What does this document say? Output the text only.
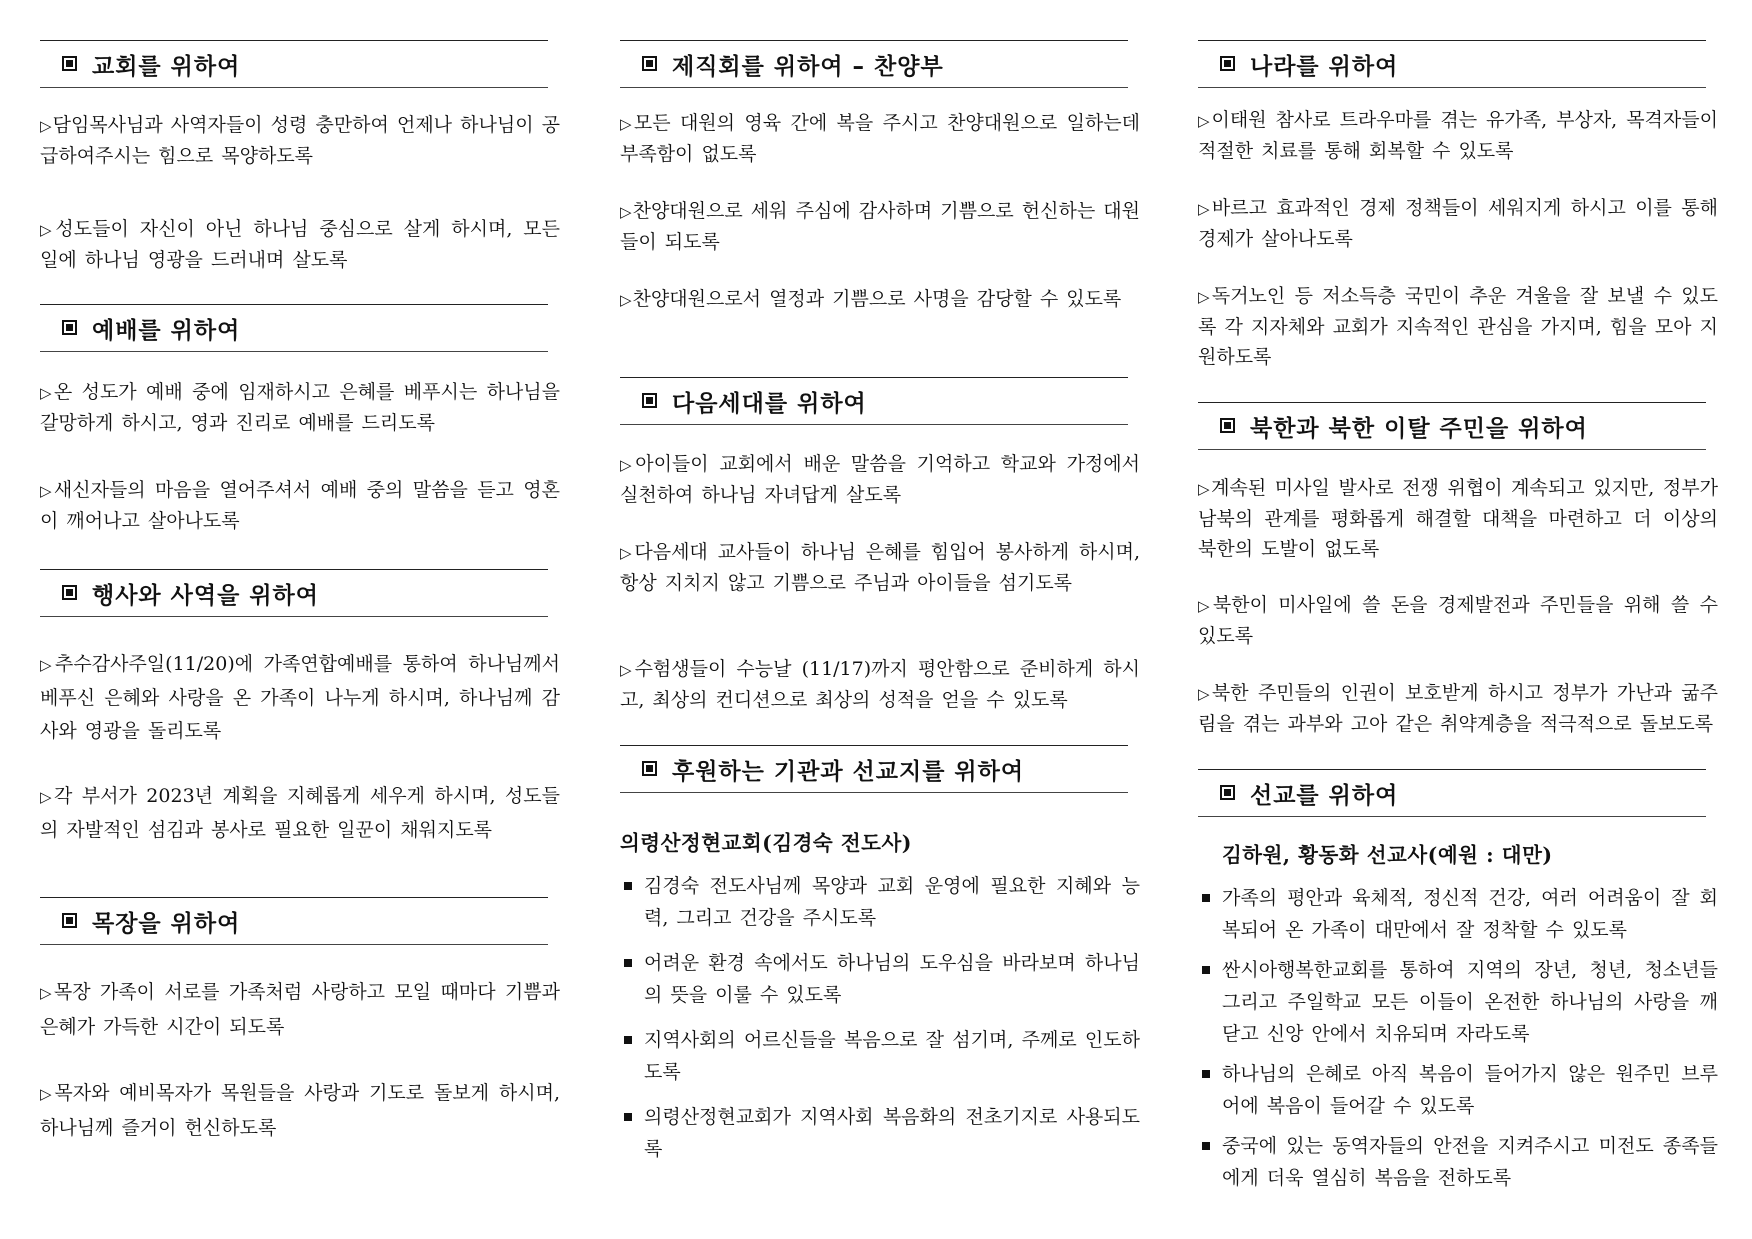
교회를 위하여
▷담임목사님과 사역자들이 성령 충만하여 언제나 하나님이 공급하여주시는 힘으로 목양하도록
▷성도들이 자신이 아닌 하나님 중심으로 살게 하시며, 모든 일에 하나님 영광을 드러내며 살도록
예배를 위하여
▷온 성도가 예배 중에 임재하시고 은혜를 베푸시는 하나님을 갈망하게 하시고, 영과 진리로 예배를 드리도록
▷새신자들의 마음을 열어주셔서 예배 중의 말씀을 듣고 영혼이 깨어나고 살아나도록
행사와 사역을 위하여
▷추수감사주일(11/20)에 가족연합예배를 통하여 하나님께서 베푸신 은혜와 사랑을 온 가족이 나누게 하시며, 하나님께 감사와 영광을 돌리도록
▷각 부서가 2023년 계획을 지혜롭게 세우게 하시며, 성도들의 자발적인 섬김과 봉사로 필요한 일꾼이 채워지도록
목장을 위하여
▷목장 가족이 서로를 가족처럼 사랑하고 모일 때마다 기쁨과 은혜가 가득한 시간이 되도록
▷목자와 예비목자가 목원들을 사랑과 기도로 돌보게 하시며, 하나님께 즐거이 헌신하도록
제직회를 위하여 – 찬양부
▷모든 대원의 영육 간에 복을 주시고 찬양대원으로 일하는데 부족함이 없도록
▷찬양대원으로 세워 주심에 감사하며 기쁨으로 헌신하는 대원들이 되도록
▷찬양대원으로서 열정과 기쁨으로 사명을 감당할 수 있도록
다음세대를 위하여
▷아이들이 교회에서 배운 말씀을 기억하고 학교와 가정에서 실천하여 하나님 자녀답게 살도록
▷다음세대 교사들이 하나님 은혜를 힘입어 봉사하게 하시며, 항상 지치지 않고 기쁨으로 주님과 아이들을 섬기도록
▷수험생들이 수능날 (11/17)까지 평안함으로 준비하게 하시고, 최상의 컨디션으로 최상의 성적을 얻을 수 있도록
후원하는 기관과 선교지를 위하여
의령산정현교회(김경숙 전도사)
김경숙 전도사님께 목양과 교회 운영에 필요한 지혜와 능력, 그리고 건강을 주시도록
어려운 환경 속에서도 하나님의 도우심을 바라보며 하나님의 뜻을 이룰 수 있도록
지역사회의 어르신들을 복음으로 잘 섬기며, 주께로 인도하도록
의령산정현교회가 지역사회 복음화의 전초기지로 사용되도록
나라를 위하여
▷이태원 참사로 트라우마를 겪는 유가족, 부상자, 목격자들이 적절한 치료를 통해 회복할 수 있도록
▷바르고 효과적인 경제 정책들이 세워지게 하시고 이를 통해 경제가 살아나도록
▷독거노인 등 저소득층 국민이 추운 겨울을 잘 보낼 수 있도록 각 지자체와 교회가 지속적인 관심을 가지며, 힘을 모아 지원하도록
북한과 북한 이탈 주민을 위하여
▷계속된 미사일 발사로 전쟁 위협이 계속되고 있지만, 정부가 남북의 관계를 평화롭게 해결할 대책을 마련하고 더 이상의 북한의 도발이 없도록
▷북한이 미사일에 쓸 돈을 경제발전과 주민들을 위해 쓸 수 있도록
▷북한 주민들의 인권이 보호받게 하시고 정부가 가난과 굶주림을 겪는 과부와 고아 같은 취약계층을 적극적으로 돌보도록
선교를 위하여
김하원, 황동화 선교사(예원 : 대만)
가족의 평안과 육체적, 정신적 건강, 여러 어려움이 잘 회복되어 온 가족이 대만에서 잘 정착할 수 있도록
싼시아행복한교회를 통하여 지역의 장년, 청년, 청소년들 그리고 주일학교 모든 이들이 온전한 하나님의 사랑을 깨닫고 신앙 안에서 치유되며 자라도록
하나님의 은혜로 아직 복음이 들어가지 않은 원주민 브루어에 복음이 들어갈 수 있도록
중국에 있는 동역자들의 안전을 지켜주시고 미전도 종족들에게 더욱 열심히 복음을 전하도록
